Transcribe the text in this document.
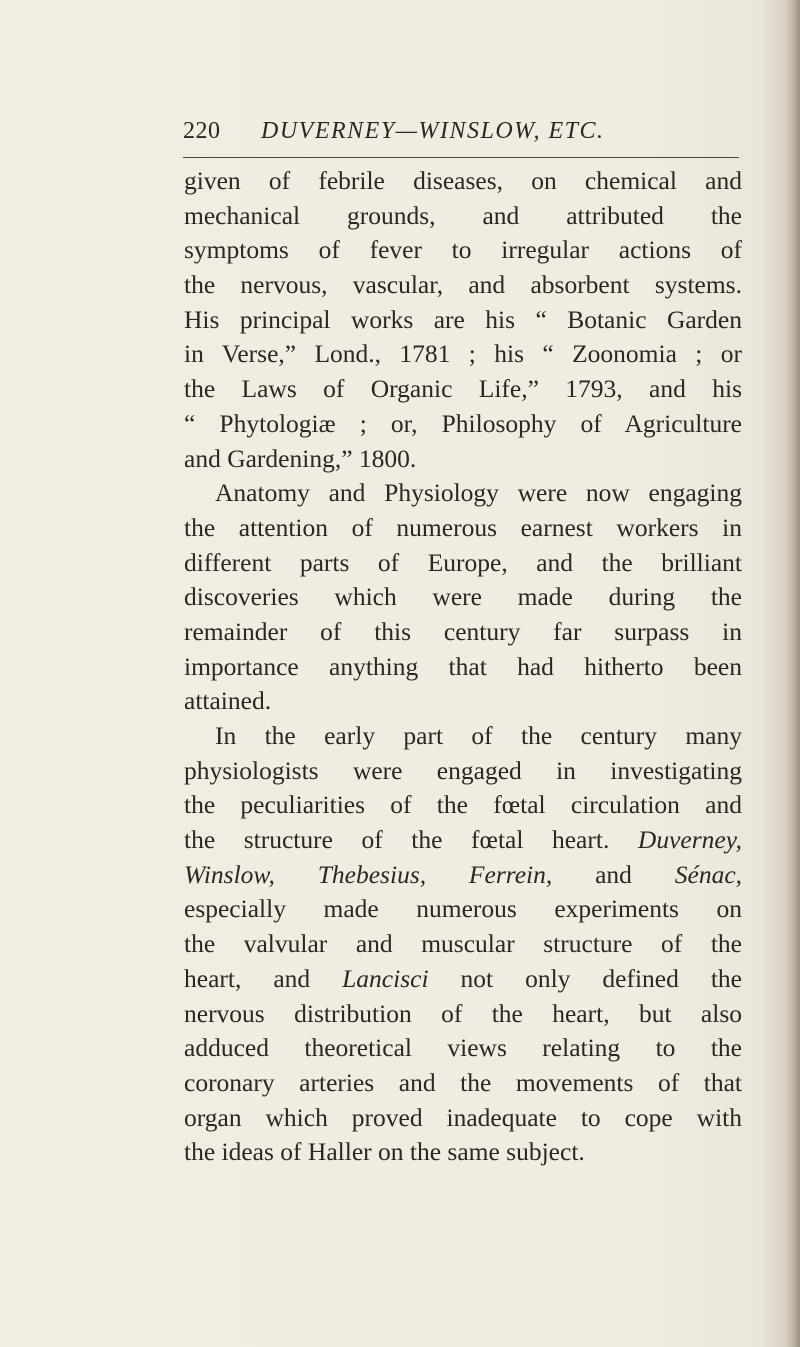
220 DUVERNEY—WINSLOW, ETC.
given of febrile diseases, on chemical and
mechanical grounds, and attributed the
symptoms of fever to irregular actions of
the nervous, vascular, and absorbent systems.
His principal works are his “ Botanic Garden
in Verse,” Lond., 1781 ; his “ Zoonomia ; or
the Laws of Organic Life,” 1793, and his
“ Phytologiæ ; or, Philosophy of Agriculture
and Gardening,” 1800.
Anatomy and Physiology were now engaging
the attention of numerous earnest workers in
different parts of Europe, and the brilliant
discoveries which were made during the
remainder of this century far surpass in
importance anything that had hitherto been
attained.
In the early part of the century many
physiologists were engaged in investigating
the peculiarities of the fœtal circulation and
the structure of the fœtal heart. Duverney,
Winslow, Thebesius, Ferrein, and Sénac,
especially made numerous experiments on
the valvular and muscular structure of the
heart, and Lancisci not only defined the
nervous distribution of the heart, but also
adduced theoretical views relating to the
coronary arteries and the movements of that
organ which proved inadequate to cope with
the ideas of Haller on the same subject.
